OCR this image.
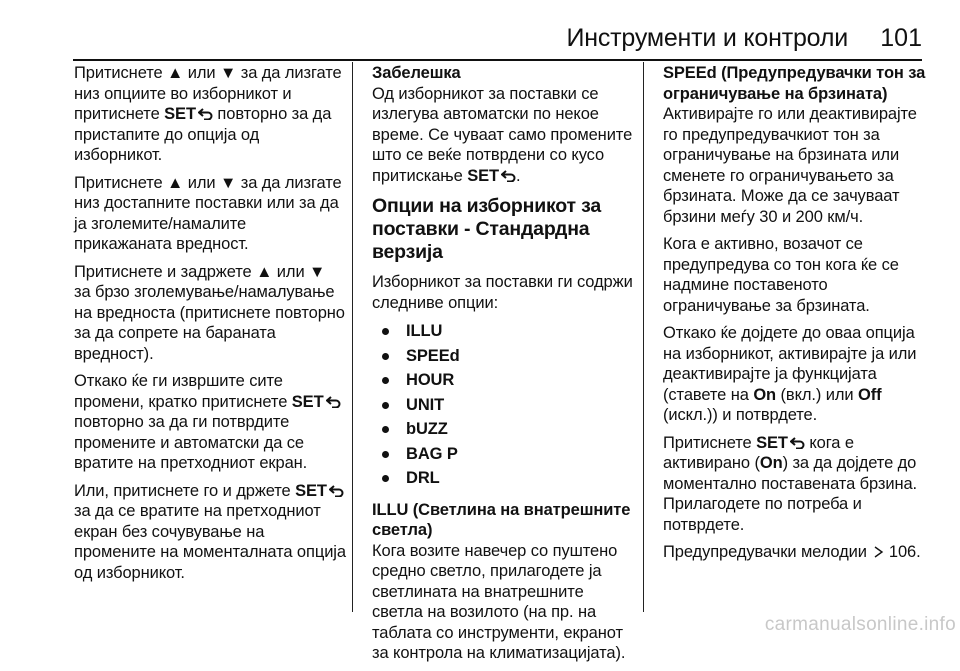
Инструменти и контроли 101

Притиснете ▲ или ▼ за да лизгате низ опциите во изборникот и притиснете SET
повторно за да пристапите до опција од изборникот.

Притиснете ▲ или ▼ за да лизгате низ достапните поставки или за да ја зголемите/намалите прикажаната вредност.

Притиснете и задржете ▲ или ▼ за брзо зголемување/намалување на вредноста (притиснете повторно за да сопрете на бараната вредност).

Откако ќе ги извршите сите промени, кратко притиснете SET
повторно за да ги потврдите промените и автоматски да се вратите на претходниот екран.

Или, притиснете го и држете SET
за да се вратите на претходниот екран без сочувување на промените на моменталната опција од изборникот.

Забелешка

Од изборникот за поставки се излегува автоматски по некое време. Се чуваат само промените што се веќе потврдени со кусо притискање SET .

Опции на изборникот за поставки - Стандардна верзија

Изборникот за поставки ги содржи следниве опции:

ILLU
SPEEd
HOUR
UNIT
bUZZ
BAG P
DRL
ILLU (Светлина на внатрешните светла)

Кога возите навечер со пуштено средно светло, прилагодете ја светлината на внатрешните светла на возилото (на пр. на таблата со инструменти, екранот за контрола на климатизацијата).

SPEEd (Предупредувачки тон за ограничување на брзината)

Активирајте го или деактивирајте го предупредувачкиот тон за ограничување на брзината или сменете го ограничувањето за брзината. Може да се зачуваат брзини меѓу 30 и 200 км/ч.

Кога е активно, возачот се предупредува со тон кога ќе се надмине поставеното ограничување за брзината.

Откако ќе дојдете до оваа опција на изборникот, активирајте ја или деактивирајте ја функцијата (ставете на On (вкл.) или Off (искл.)) и потврдете.

Притиснете SET
кога е активирано (On) за да дојдете до моментално поставената брзина. Прилагодете по потреба и потврдете.

Предупредувачки мелодии
106.

carmanualsonline.info
